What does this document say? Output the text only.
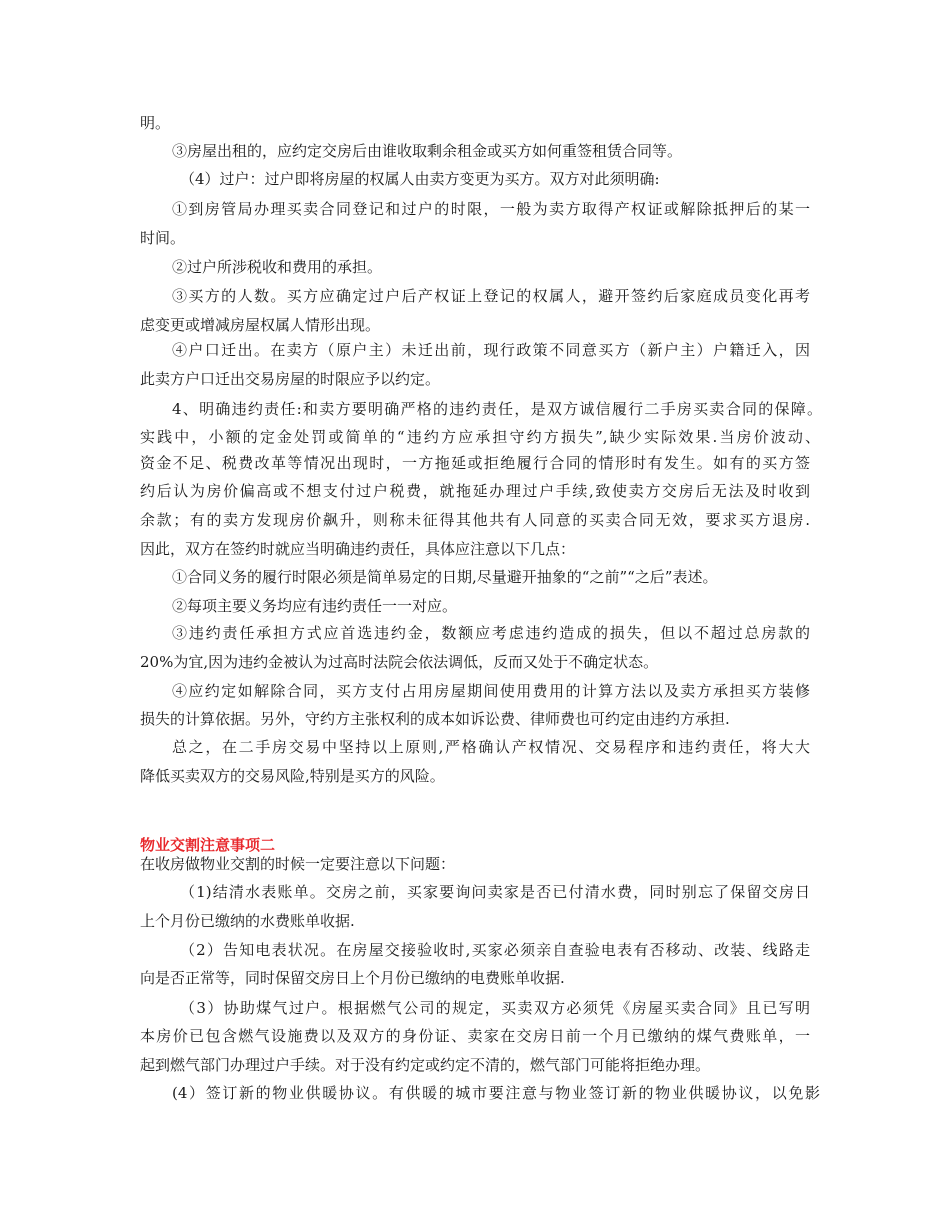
明。
③房屋出租的，应约定交房后由谁收取剩余租金或买方如何重签租赁合同等。
（4）过户：过户即将房屋的权属人由卖方变更为买方。双方对此须明确:
①到房管局办理买卖合同登记和过户的时限，一般为卖方取得产权证或解除抵押后的某一
时间。
②过户所涉税收和费用的承担。
③买方的人数。买方应确定过户后产权证上登记的权属人，避开签约后家庭成员变化再考
虑变更或增减房屋权属人情形出现。
④户口迁出。在卖方（原户主）未迁出前，现行政策不同意买方（新户主）户籍迁入，因
此卖方户口迁出交易房屋的时限应予以约定。
4、明确违约责任:和卖方要明确严格的违约责任，是双方诚信履行二手房买卖合同的保障。
实践中，小额的定金处罚或简单的“违约方应承担守约方损失”,缺少实际效果.当房价波动、
资金不足、税费改革等情况出现时，一方拖延或拒绝履行合同的情形时有发生。如有的买方签
约后认为房价偏高或不想支付过户税费，就拖延办理过户手续,致使卖方交房后无法及时收到
余款；有的卖方发现房价飙升，则称未征得其他共有人同意的买卖合同无效，要求买方退房.
因此，双方在签约时就应当明确违约责任，具体应注意以下几点：
①合同义务的履行时限必须是简单易定的日期,尽量避开抽象的“之前”“之后”表述。
②每项主要义务均应有违约责任一一对应。
③违约责任承担方式应首选违约金，数额应考虑违约造成的损失，但以不超过总房款的
20%为宜,因为违约金被认为过高时法院会依法调低，反而又处于不确定状态。
④应约定如解除合同，买方支付占用房屋期间使用费用的计算方法以及卖方承担买方装修
损失的计算依据。另外，守约方主张权利的成本如诉讼费、律师费也可约定由违约方承担.
总之，在二手房交易中坚持以上原则,严格确认产权情况、交易程序和违约责任，将大大
降低买卖双方的交易风险,特别是买方的风险。
物业交割注意事项二
在收房做物业交割的时候一定要注意以下问题：
（1)结清水表账单。交房之前，买家要询问卖家是否已付清水费，同时别忘了保留交房日
上个月份已缴纳的水费账单收据.
（2）告知电表状况。在房屋交接验收时,买家必须亲自查验电表有否移动、改装、线路走
向是否正常等，同时保留交房日上个月份已缴纳的电费账单收据.
（3）协助煤气过户。根据燃气公司的规定，买卖双方必须凭《房屋买卖合同》且已写明
本房价已包含燃气设施费以及双方的身份证、卖家在交房日前一个月已缴纳的煤气费账单，一
起到燃气部门办理过户手续。对于没有约定或约定不清的，燃气部门可能将拒绝办理。
(4）签订新的物业供暖协议。有供暖的城市要注意与物业签订新的物业供暖协议，以免影
